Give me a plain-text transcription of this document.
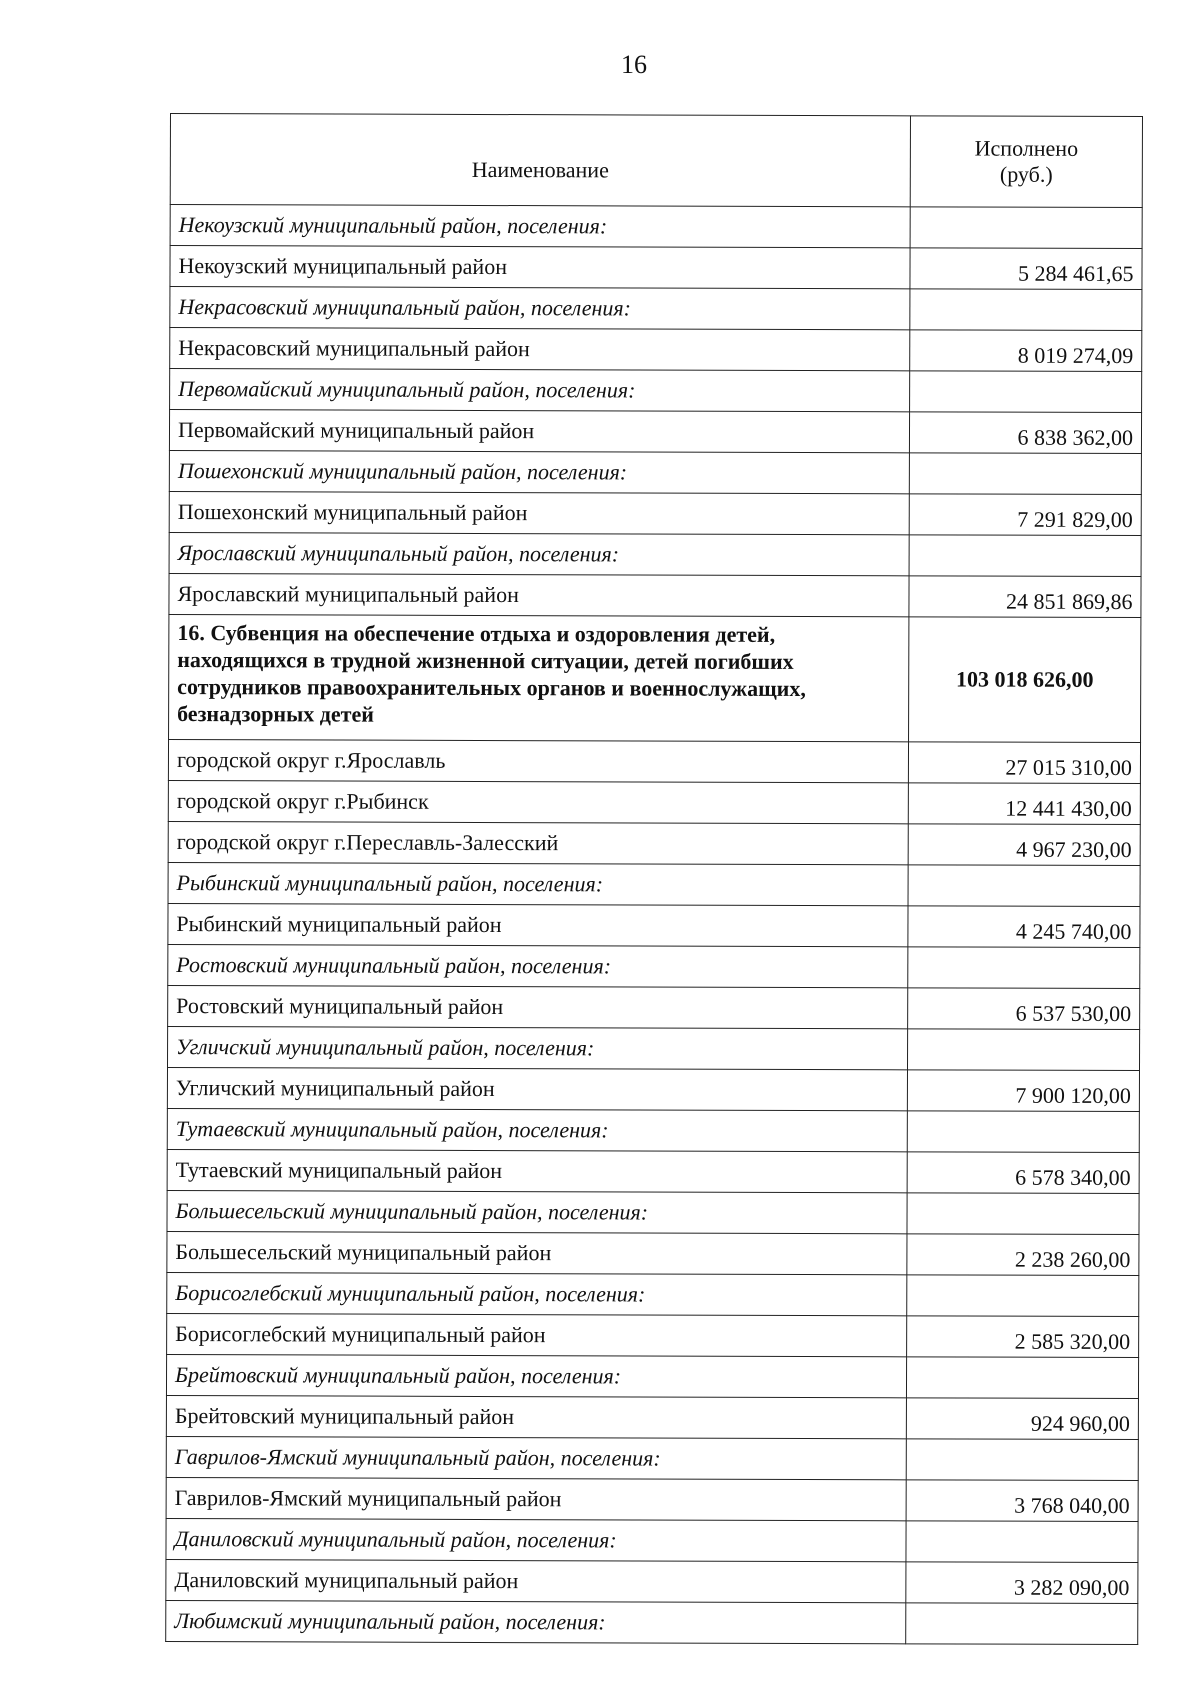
16
Наименование	Исполнено
(руб.)
Некоузский муниципальный район, поселения:	
Некоузский муниципальный район	5 284 461,65
Некрасовский муниципальный район, поселения:	
Некрасовский муниципальный район	8 019 274,09
Первомайский муниципальный район, поселения:	
Первомайский муниципальный район	6 838 362,00
Пошехонский муниципальный район, поселения:	
Пошехонский муниципальный район	7 291 829,00
Ярославский муниципальный район, поселения:	
Ярославский муниципальный район	24 851 869,86
16. Субвенция на обеспечение отдыха и оздоровления детей, находящихся в трудной жизненной ситуации, детей погибших сотрудников правоохранительных органов и военнослужащих, безнадзорных детей	103 018 626,00
городской округ г.Ярославль	27 015 310,00
городской округ г.Рыбинск	12 441 430,00
городской округ г.Переславль-Залесский	4 967 230,00
Рыбинский муниципальный район, поселения:	
Рыбинский муниципальный район	4 245 740,00
Ростовский муниципальный район, поселения:	
Ростовский муниципальный район	6 537 530,00
Угличский муниципальный район, поселения:	
Угличский муниципальный район	7 900 120,00
Тутаевский муниципальный район, поселения:	
Тутаевский муниципальный район	6 578 340,00
Большесельский муниципальный район, поселения:	
Большесельский муниципальный район	2 238 260,00
Борисоглебский муниципальный район, поселения:	
Борисоглебский муниципальный район	2 585 320,00
Брейтовский муниципальный район, поселения:	
Брейтовский муниципальный район	924 960,00
Гаврилов-Ямский муниципальный район, поселения:	
Гаврилов-Ямский муниципальный район	3 768 040,00
Даниловский муниципальный район, поселения:	
Даниловский муниципальный район	3 282 090,00
Любимский муниципальный район, поселения:	
